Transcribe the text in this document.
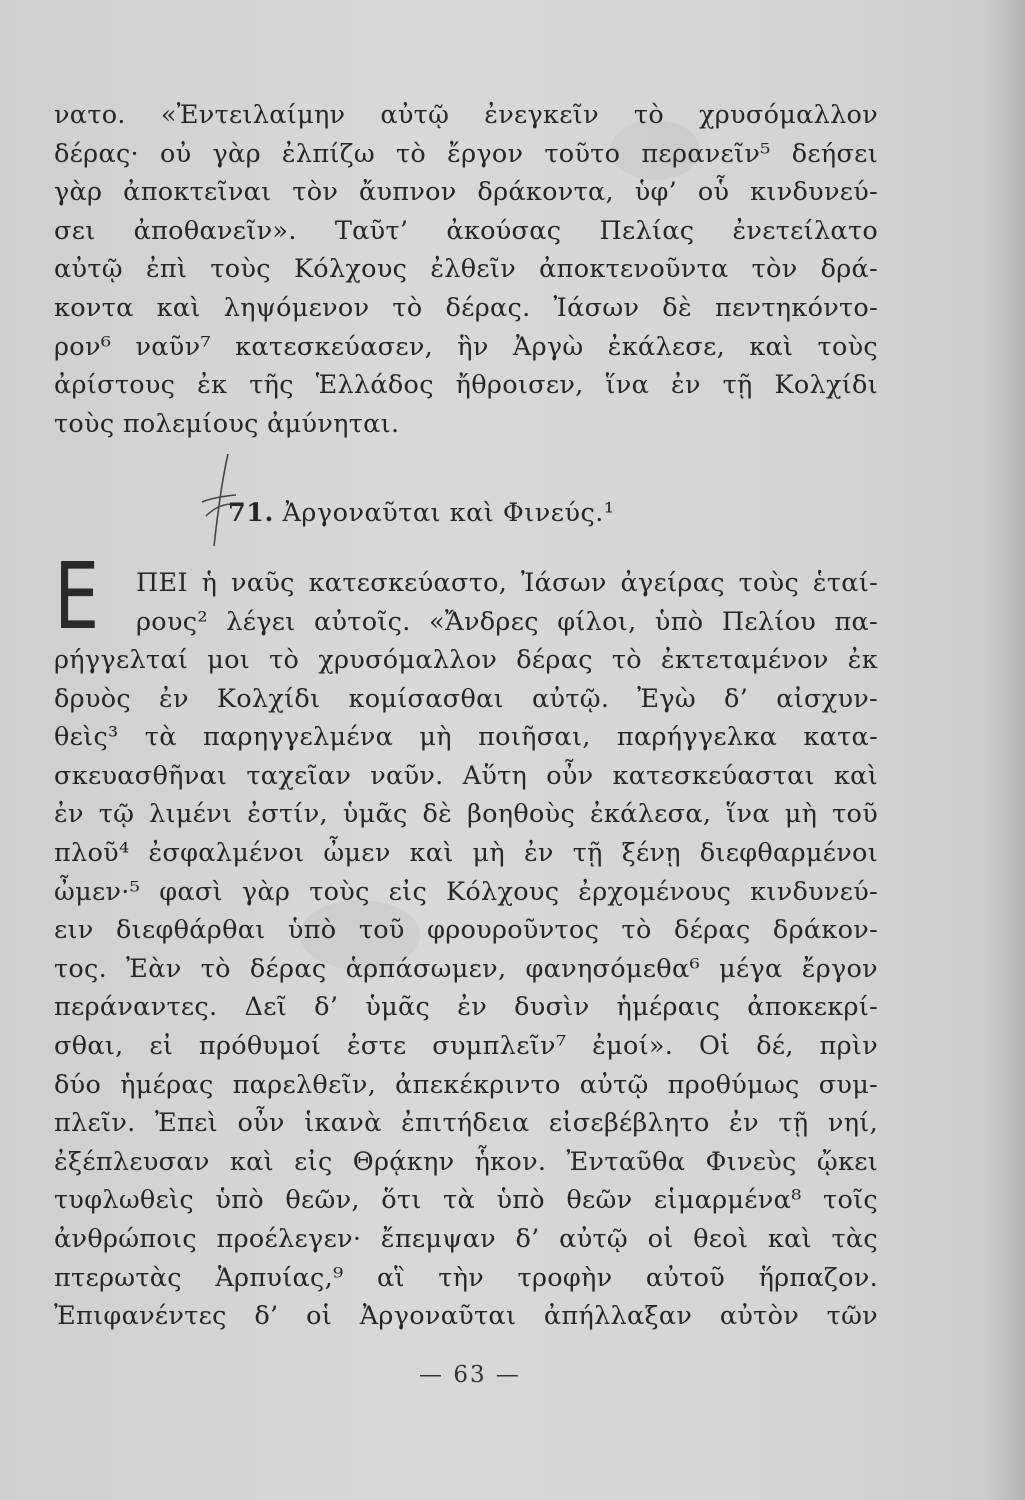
νατο. «Ἐντειλαίμην αὐτῷ ἐνεγκεῖν τὸ χρυσόμαλλον
δέρας· οὐ γὰρ ἐλπίζω τὸ ἔργον τοῦτο περανεῖν⁵ δεήσει
γὰρ ἀποκτεῖναι τὸν ἄυπνον δράκοντα, ὑφ’ οὗ κινδυνεύ-
σει ἀποθανεῖν». Ταῦτ’ ἀκούσας Πελίας ἐνετείλατο
αὐτῷ ἐπὶ τοὺς Κόλχους ἐλθεῖν ἀποκτενοῦντα τὸν δρά-
κοντα καὶ ληψόμενον τὸ δέρας. Ἰάσων δὲ πεντηκόντο-
ρον⁶ ναῦν⁷ κατεσκεύασεν, ἣν Ἀργὼ ἐκάλεσε, καὶ τοὺς
ἀρίστους ἐκ τῆς Ἑλλάδος ἤθροισεν, ἵνα ἐν τῇ Κολχίδι
τοὺς πολεμίους ἀμύνηται.
71. Ἀργοναῦται καὶ Φινεύς.¹
E ΠΕΙ ἡ ναῦς κατεσκεύαστο, Ἰάσων ἀγείρας τοὺς ἑταί-
ρους² λέγει αὐτοῖς. «Ἄνδρες φίλοι, ὑπὸ Πελίου πα-
ρήγγελταί μοι τὸ χρυσόμαλλον δέρας τὸ ἐκτεταμένον ἐκ
δρυὸς ἐν Κολχίδι κομίσασθαι αὐτῷ. Ἐγὼ δ’ αἰσχυν-
θεὶς³ τὰ παρηγγελμένα μὴ ποιῆσαι, παρήγγελκα κατα-
σκευασθῆναι ταχεῖαν ναῦν. Αὕτη οὖν κατεσκεύασται καὶ
ἐν τῷ λιμένι ἐστίν, ὑμᾶς δὲ βοηθοὺς ἐκάλεσα, ἵνα μὴ τοῦ
πλοῦ⁴ ἐσφαλμένοι ὦμεν καὶ μὴ ἐν τῇ ξένῃ διεφθαρμένοι
ὦμεν·⁵ φασὶ γὰρ τοὺς εἰς Κόλχους ἐρχομένους κινδυνεύ-
ειν διεφθάρθαι ὑπὸ τοῦ φρουροῦντος τὸ δέρας δράκον-
τος. Ἐὰν τὸ δέρας ἁρπάσωμεν, φανησόμεθα⁶ μέγα ἔργον
περάναντες. Δεῖ δ’ ὑμᾶς ἐν δυσὶν ἡμέραις ἀποκεκρί-
σθαι, εἰ πρόθυμοί ἐστε συμπλεῖν⁷ ἐμοί». Οἱ δέ, πρὶν
δύο ἡμέρας παρελθεῖν, ἀπεκέκριντο αὐτῷ προθύμως συμ-
πλεῖν. Ἐπεὶ οὖν ἱκανὰ ἐπιτήδεια εἰσεβέβλητο ἐν τῇ νηί,
ἐξέπλευσαν καὶ εἰς Θρᾴκην ἧκον. Ἐνταῦθα Φινεὺς ᾤκει
τυφλωθεὶς ὑπὸ θεῶν, ὅτι τὰ ὑπὸ θεῶν εἱμαρμένα⁸ τοῖς
ἀνθρώποις προέλεγεν· ἔπεμψαν δ’ αὐτῷ οἱ θεοὶ καὶ τὰς
πτερωτὰς Ἁρπυίας,⁹ αἳ τὴν τροφὴν αὐτοῦ ἥρπαζον.
Ἐπιφανέντες δ’ οἱ Ἀργοναῦται ἀπήλλαξαν αὐτὸν τῶν
— 63 —
